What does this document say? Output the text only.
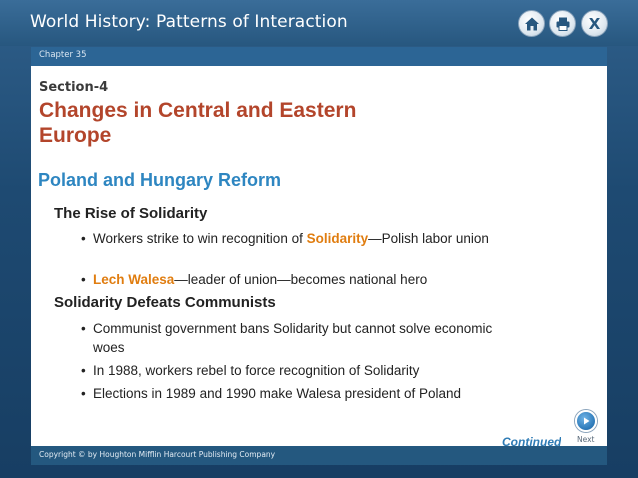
World History: Patterns of Interaction	X
Chapter 35
Section-4
Changes in Central and Eastern Europe
Poland and Hungary Reform
The Rise of Solidarity
• Workers strike to win recognition of Solidarity—Polish labor union
• Lech Walesa—leader of union—becomes national hero
Solidarity Defeats Communists
• Communist government bans Solidarity but cannot solve economic woes
• In 1988, workers rebel to force recognition of Solidarity
• Elections in 1989 and 1990 make Walesa president of Poland
Continued Next
Copyright © by Houghton Mifflin Harcourt Publishing Company
